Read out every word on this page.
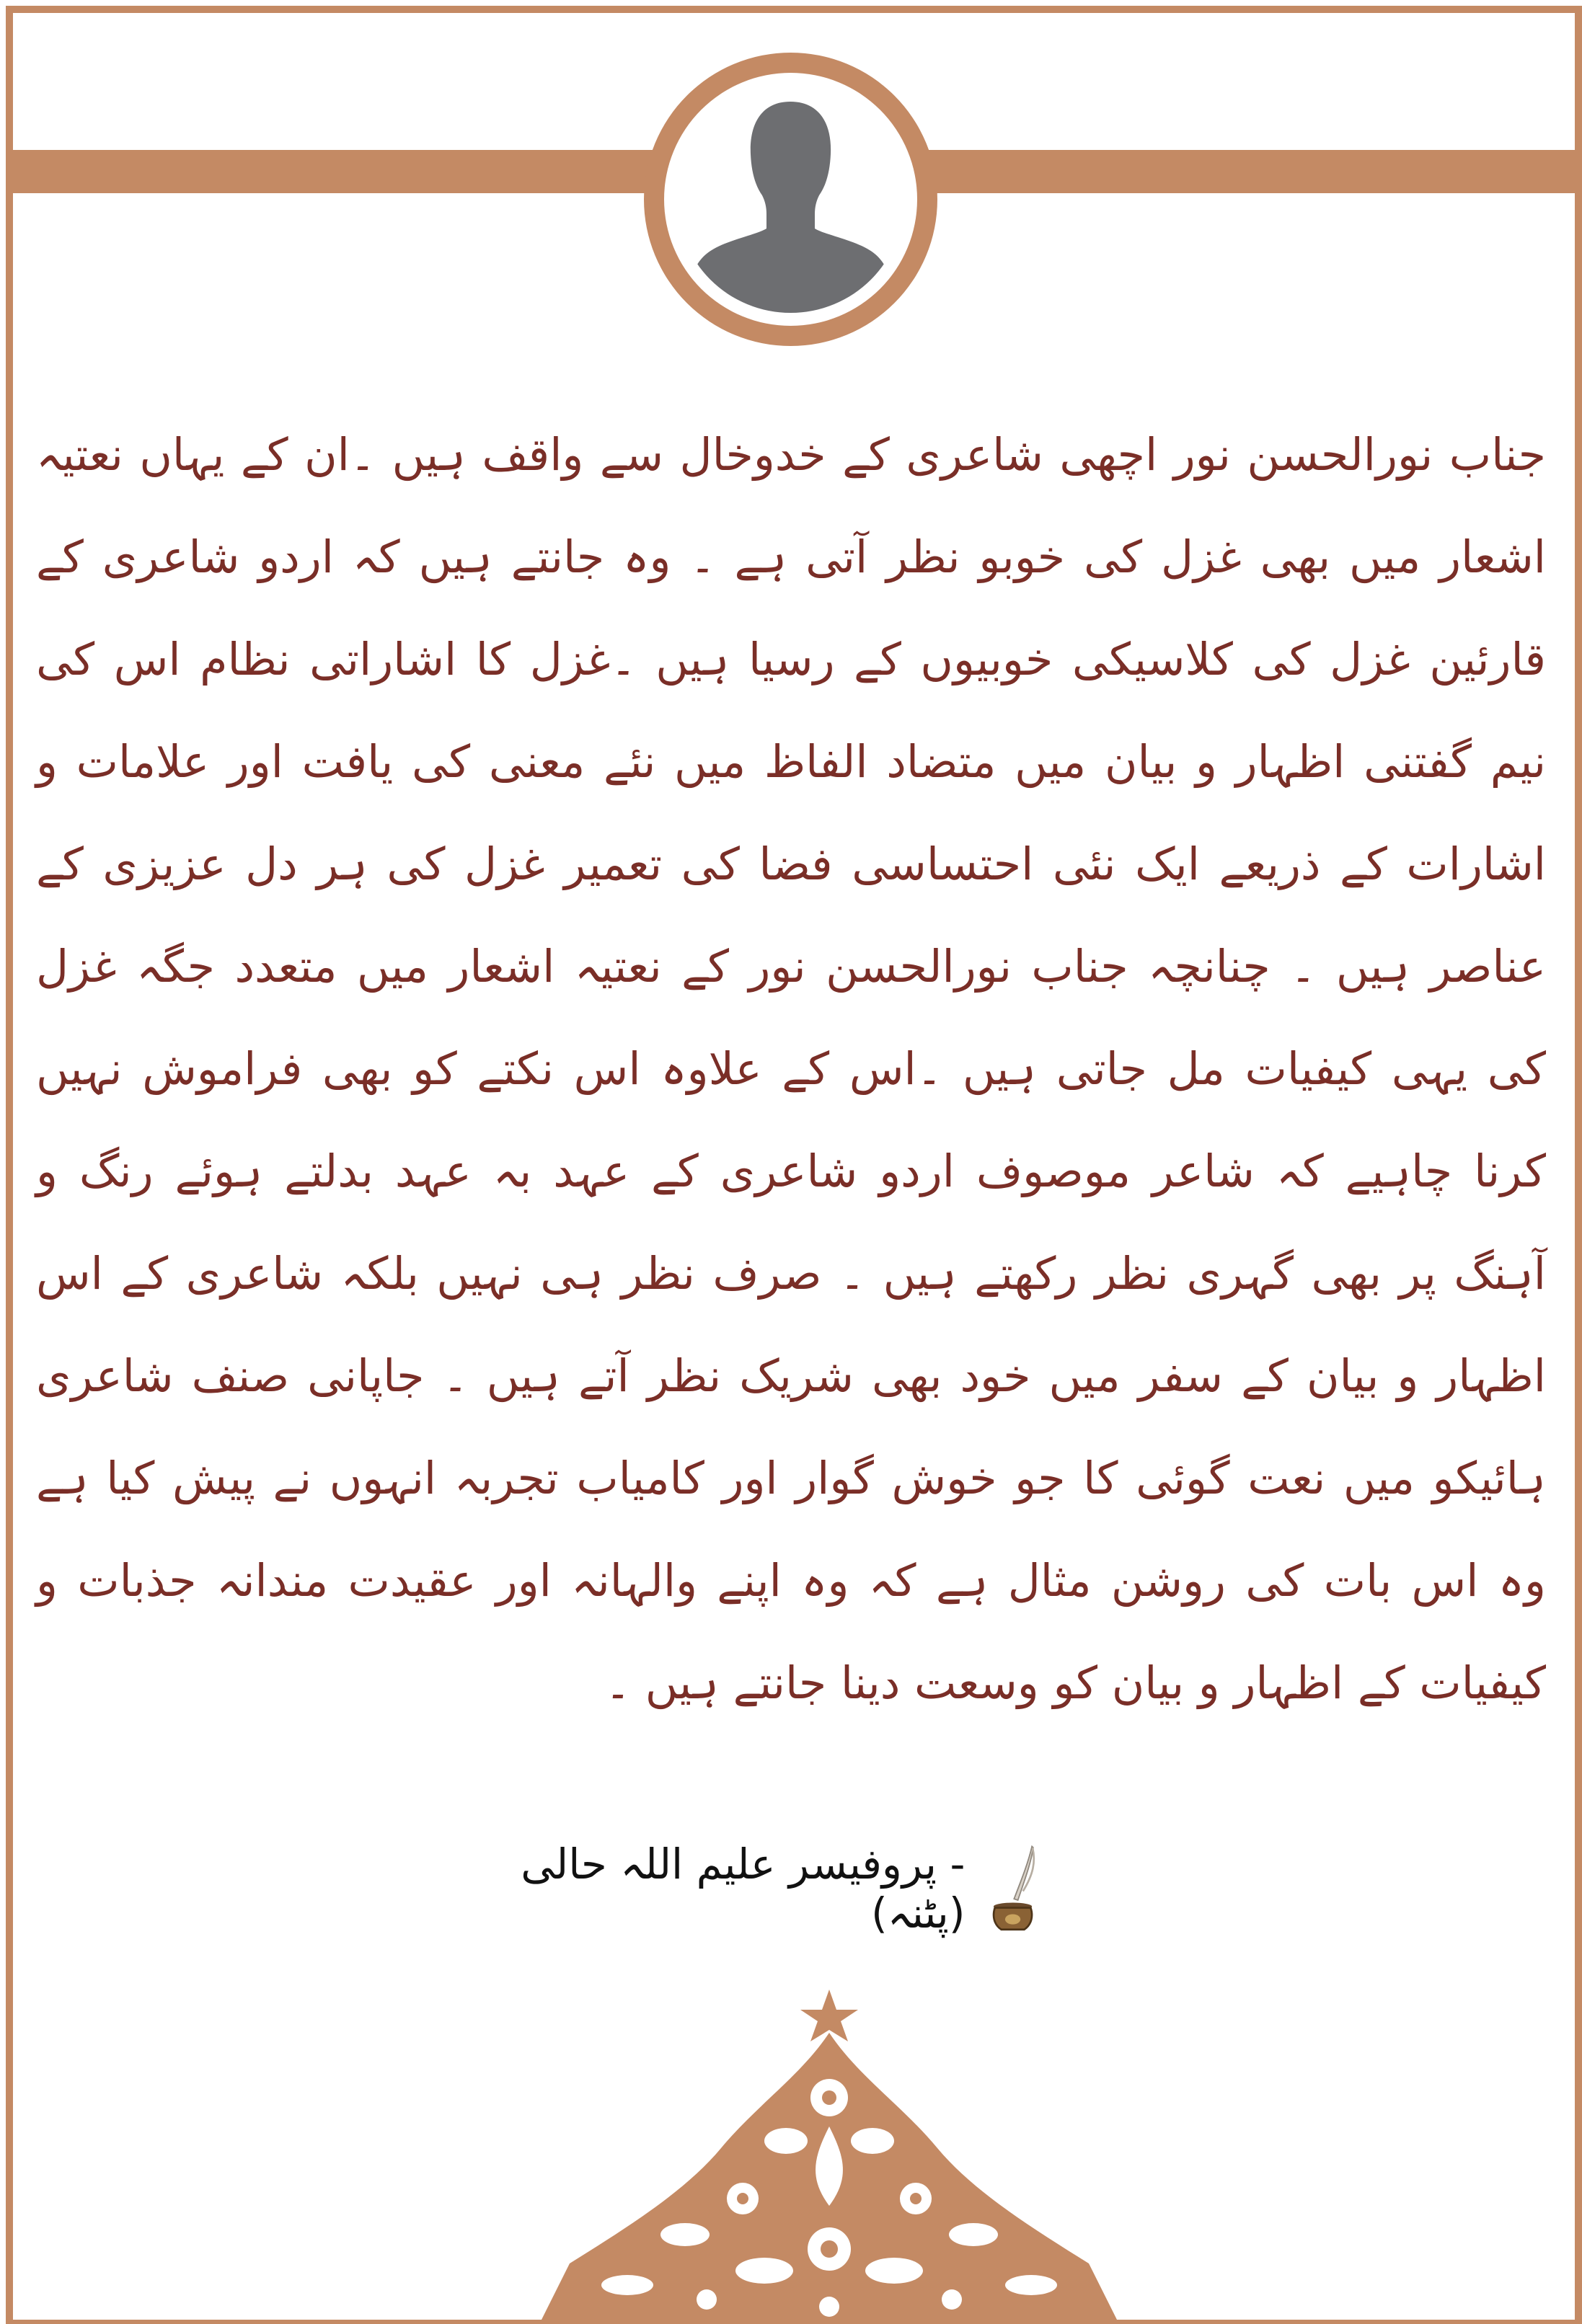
جناب نورالحسن نور اچھی شاعری کے خدوخال سے واقف ہیں ۔ان کے یہاں نعتیہ اشعار میں بھی غزل کی خوبو نظر آتی ہے ۔ وہ جانتے ہیں کہ اردو شاعری کے قارئین غزل کی کلاسیکی خوبیوں کے رسیا ہیں ۔غزل کا اشاراتی نظام اس کی نیم گفتنی اظہار و بیان میں متضاد الفاظ میں نئے معنی کی یافت اور علامات و اشارات کے ذریعے ایک نئی احتساسی فضا کی تعمیر غزل کی ہر دل عزیزی کے عناصر ہیں ۔ چنانچہ جناب نورالحسن نور کے نعتیہ اشعار میں متعدد جگہ غزل کی یہی کیفیات مل جاتی ہیں ۔اس کے علاوہ اس نکتے کو بھی فراموش نہیں کرنا چاہیے کہ شاعر موصوف اردو شاعری کے عہد بہ عہد بدلتے ہوئے رنگ و آہنگ پر بھی گہری نظر رکھتے ہیں ۔ صرف نظر ہی نہیں بلکہ شاعری کے اس اظہار و بیان کے سفر میں خود بھی شریک نظر آتے ہیں ۔ جاپانی صنف شاعری ہائیکو میں نعت گوئی کا جو خوش گوار اور کامیاب تجربہ انہوں نے پیش کیا ہے وہ اس بات کی روشن مثال ہے کہ وہ اپنے والہانہ اور عقیدت مندانہ جذبات و کیفیات کے اظہار و بیان کو وسعت دینا جانتے ہیں ۔

- پروفیسر علیم اللہ حالی (پٹنہ)
